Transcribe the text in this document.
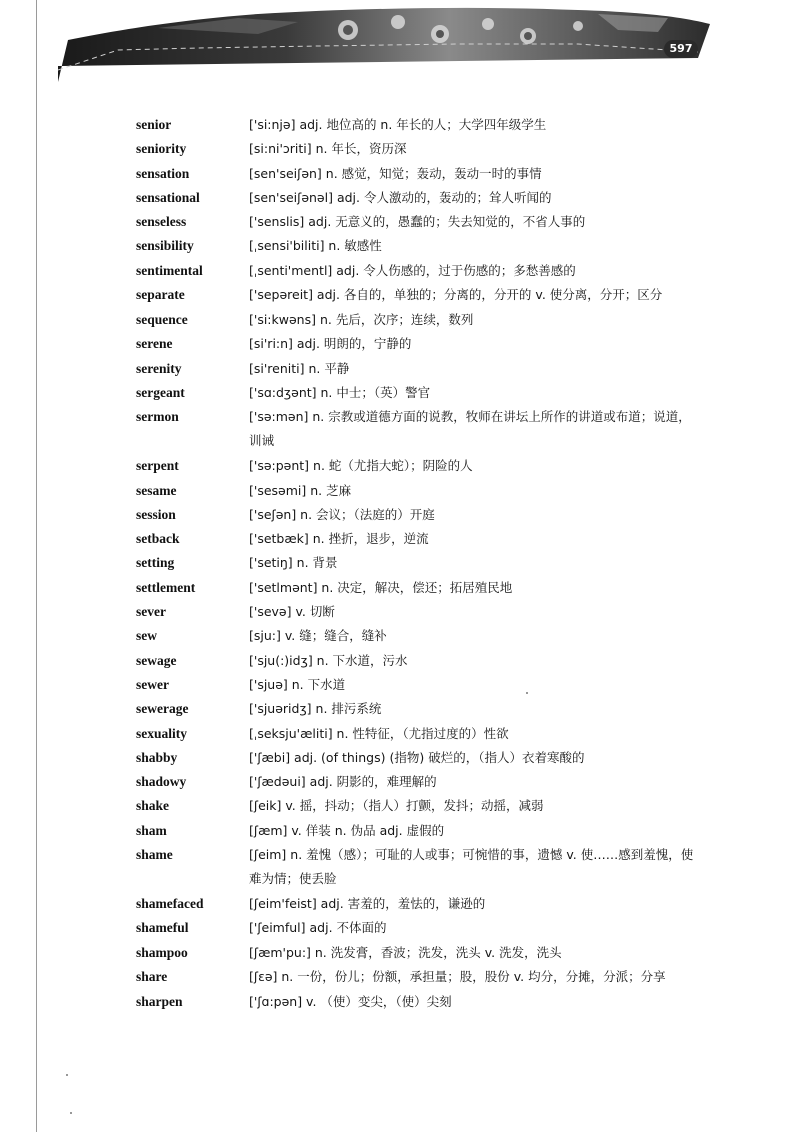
597
senior	['si:njə] adj. 地位高的 n. 年长的人；大学四年级学生
seniority	[si:ni'ɔriti] n. 年长，资历深
sensation	[sen'seiʃən] n. 感觉，知觉；轰动，轰动一时的事情
sensational	[sen'seiʃənəl] adj. 令人激动的，轰动的；耸人听闻的
senseless	['senslis] adj. 无意义的，愚蠢的；失去知觉的，不省人事的
sensibility	[ˌsensi'biliti] n. 敏感性
sentimental	[ˌsenti'mentl] adj. 令人伤感的，过于伤感的；多愁善感的
separate	['sepəreit] adj. 各自的，单独的；分离的，分开的 v. 使分离，分开；区分
sequence	['si:kwəns] n. 先后，次序；连续，数列
serene	[si'ri:n] adj. 明朗的，宁静的
serenity	[si'reniti] n. 平静
sergeant	['sɑ:dʒənt] n. 中士；（英）警官
sermon	['sə:mən] n. 宗教或道德方面的说教，牧师在讲坛上所作的讲道或布道；说道，训诫
serpent	['sə:pənt] n. 蛇（尤指大蛇）；阴险的人
sesame	['sesəmi] n. 芝麻
session	['seʃən] n. 会议；（法庭的）开庭
setback	['setbæk] n. 挫折，退步，逆流
setting	['setiŋ] n. 背景
settlement	['setlmənt] n. 决定，解决，偿还；拓居殖民地
sever	['sevə] v. 切断
sew	[sju:] v. 缝；缝合，缝补
sewage	['sju(:)idʒ] n. 下水道，污水
sewer	['sjuə] n. 下水道
sewerage	['sjuəridʒ] n. 排污系统
sexuality	[ˌseksju'æliti] n. 性特征，（尤指过度的）性欲
shabby	['ʃæbi] adj. (of things) (指物) 破烂的，（指人）衣着寒酸的
shadowy	['ʃædəui] adj. 阴影的，难理解的
shake	[ʃeik] v. 摇，抖动；（指人）打颤，发抖；动摇，减弱
sham	[ʃæm] v. 佯装 n. 伪品 adj. 虚假的
shame	[ʃeim] n. 羞愧（感）；可耻的人或事；可惋惜的事，遗憾 v. 使……感到羞愧，使难为情；使丢脸
shamefaced	[ʃeim'feist] adj. 害羞的，羞怯的，谦逊的
shameful	['ʃeimful] adj. 不体面的
shampoo	[ʃæm'pu:] n. 洗发膏，香波；洗发，洗头 v. 洗发，洗头
share	[ʃεə] n. 一份，份儿；份额，承担量；股，股份 v. 均分，分摊，分派；分享
sharpen	['ʃɑ:pən] v. （使）变尖，（使）尖刻
